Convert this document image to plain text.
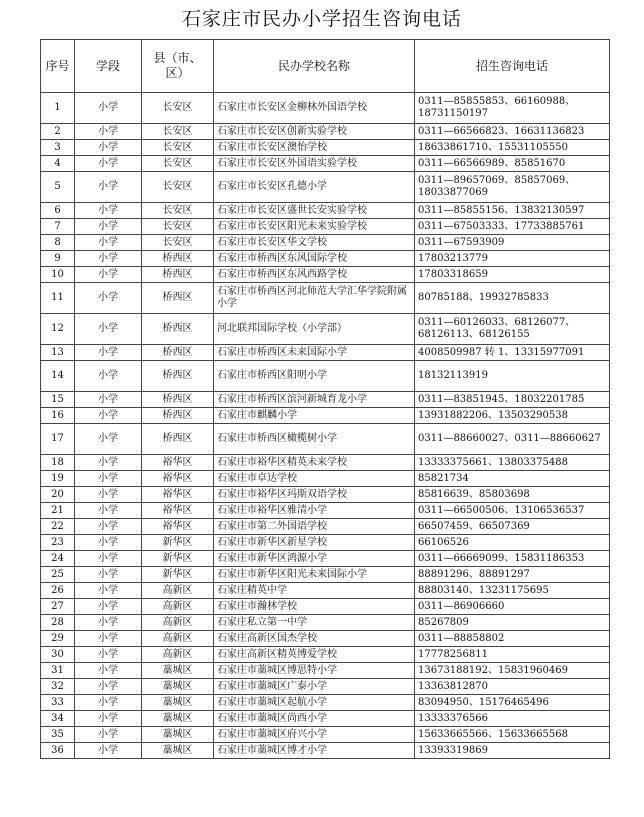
石家庄市民办小学招生咨询电话
序号	学段	县（市、区）	民办学校名称	招生咨询电话
1	小学	长安区	石家庄市长安区金柳林外国语学校	0311—85855853、66160988、18731150197
2	小学	长安区	石家庄市长安区创新实验学校	0311—66566823、16631136823
3	小学	长安区	石家庄市长安区澳怡学校	18633861710、15531105550
4	小学	长安区	石家庄市长安区外国语实验学校	0311—66566989、85851670
5	小学	长安区	石家庄市长安区孔德小学	0311—89657069、85857069、18033877069
6	小学	长安区	石家庄市长安区盛世长安实验学校	0311—85855156、13832130597
7	小学	长安区	石家庄市长安区阳光未来实验学校	0311—67503333、17733885761
8	小学	长安区	石家庄市长安区华文学校	0311—67593909
9	小学	桥西区	石家庄市桥西区东风国际学校	17803213779
10	小学	桥西区	石家庄市桥西区东风西路学校	17803318659
11	小学	桥西区	石家庄市桥西区河北师范大学汇华学院附属小学	80785188、19932785833
12	小学	桥西区	河北联邦国际学校（小学部）	0311—60126033、68126077、68126113、68126155
13	小学	桥西区	石家庄市桥西区未来国际小学	4008509987 转 1、13315977091
14	小学	桥西区	石家庄市桥西区阳明小学	18132113919
15	小学	桥西区	石家庄市桥西区滨河新城育龙小学	0311—83851945、18032201785
16	小学	桥西区	石家庄市麒麟小学	13931882206、13503290538
17	小学	桥西区	石家庄市桥西区橄榄树小学	0311—88660027、0311—88660627
18	小学	裕华区	石家庄市裕华区精英未来学校	13333375661、13803375488
19	小学	裕华区	石家庄市卓达学校	85821734
20	小学	裕华区	石家庄市裕华区玛斯双语学校	85816639、85803698
21	小学	裕华区	石家庄市裕华区雅清小学	0311—66500506、13106536537
22	小学	裕华区	石家庄市第二外国语学校	66507459、66507369
23	小学	新华区	石家庄市新华区新星学校	66106526
24	小学	新华区	石家庄市新华区鸿源小学	0311—66669099、15831186353
25	小学	新华区	石家庄市新华区阳光未来国际小学	88891296、88891297
26	小学	高新区	石家庄精英中学	88803140、13231175695
27	小学	高新区	石家庄市瀚林学校	0311—86906660
28	小学	高新区	石家庄私立第一中学	85267809
29	小学	高新区	石家庄高新区国杰学校	0311—88858802
30	小学	高新区	石家庄高新区精英博爱学校	17778256811
31	小学	藁城区	石家庄市藁城区博思特小学	13673188192、15831960469
32	小学	藁城区	石家庄市藁城区广泰小学	13363812870
33	小学	藁城区	石家庄市藁城区起航小学	83094950、15176465496
34	小学	藁城区	石家庄市藁城区尚西小学	13333376566
35	小学	藁城区	石家庄市藁城区府兴小学	15633665566、15633665568
36	小学	藁城区	石家庄市藁城区博才小学	13393319869
